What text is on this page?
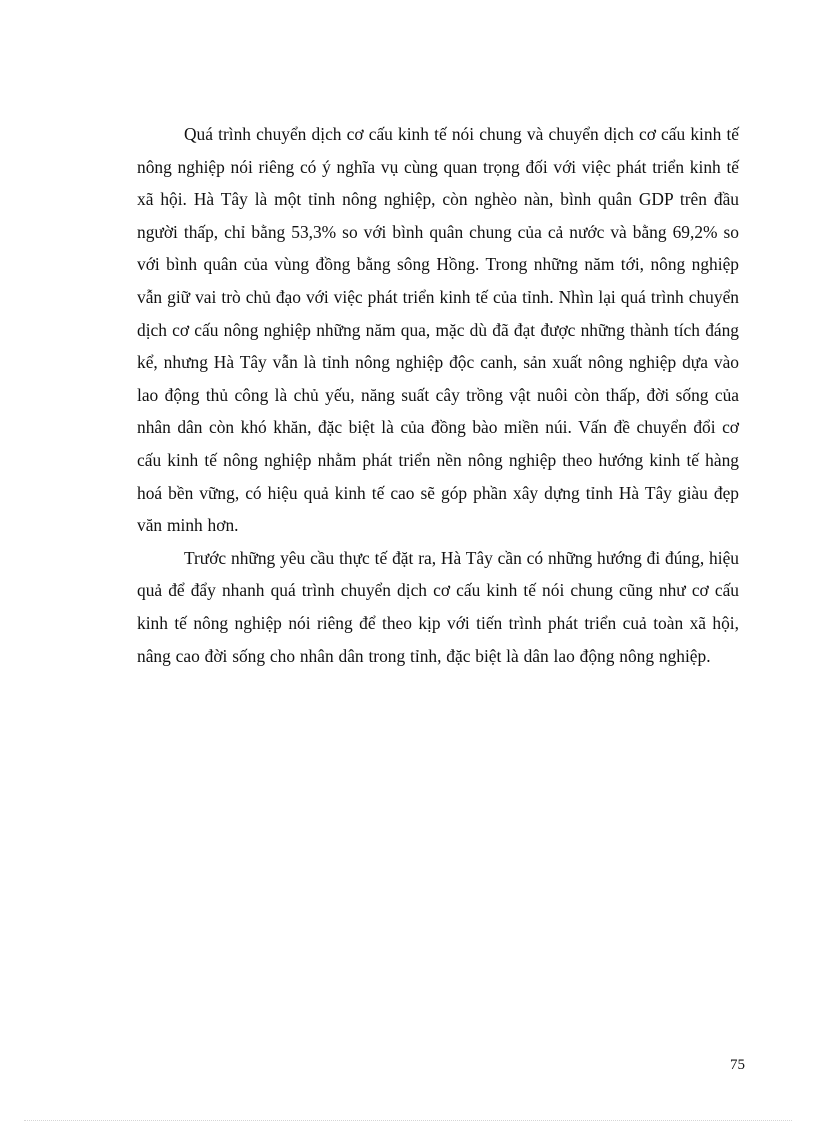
Quá trình chuyển dịch cơ cấu kinh tế nói chung và chuyển dịch cơ cấu kinh tế nông nghiệp nói riêng có ý nghĩa vụ cùng quan trọng đối với việc phát triển kinh tế xã hội. Hà Tây là một tỉnh nông nghiệp, còn nghèo nàn, bình quân GDP trên đầu người thấp, chỉ bằng 53,3% so với bình quân chung của cả nước và bằng 69,2% so với bình quân của vùng đồng bằng sông Hồng. Trong những năm tới, nông nghiệp vẫn giữ vai trò chủ đạo với việc phát triển kinh tế của tỉnh. Nhìn lại quá trình chuyển dịch cơ cấu nông nghiệp những năm qua, mặc dù đã đạt được những thành tích đáng kể, nhưng Hà Tây vẫn là tỉnh nông nghiệp độc canh, sản xuất nông nghiệp dựa vào lao động thủ công là chủ yếu, năng suất cây trồng vật nuôi còn thấp, đời sống của nhân dân còn khó khăn, đặc biệt là của đồng bào miền núi. Vấn đề chuyển đổi cơ cấu kinh tế nông nghiệp nhằm phát triển nền nông nghiệp theo hướng kinh tế hàng hoá bền vững, có hiệu quả kinh tế cao sẽ góp phần xây dựng tỉnh Hà Tây giàu đẹp văn minh hơn.

Trước những yêu cầu thực tế đặt ra, Hà Tây cần có những hướng đi đúng, hiệu quả để đẩy nhanh quá trình chuyển dịch cơ cấu kinh tế nói chung cũng như cơ cấu kinh tế nông nghiệp nói riêng để theo kịp với tiến trình phát triển cuả toàn xã hội, nâng cao đời sống cho nhân dân trong tỉnh, đặc biệt là dân lao động nông nghiệp.

75
